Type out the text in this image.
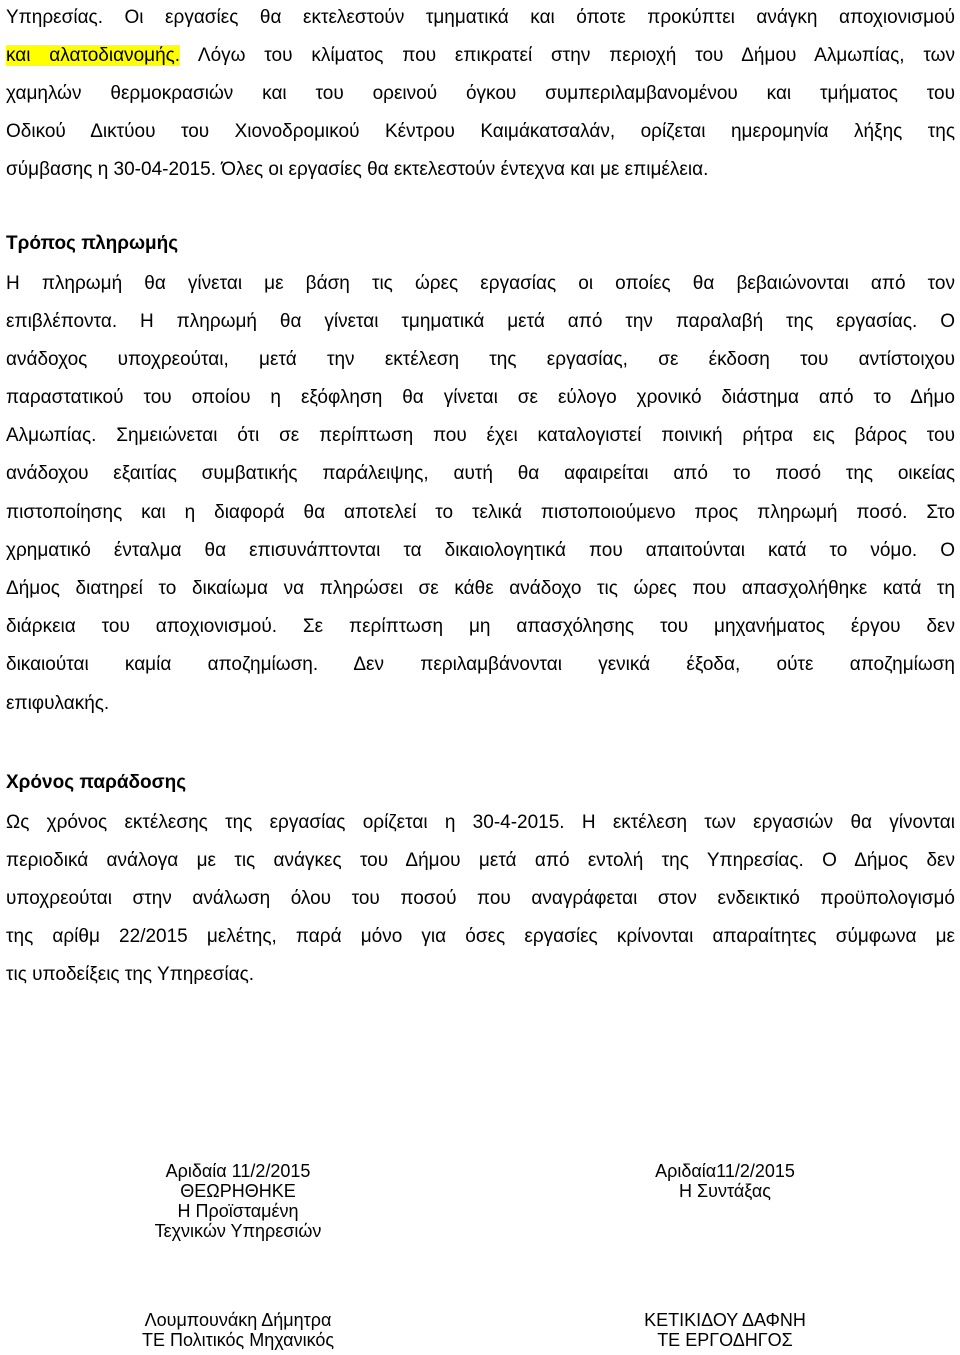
Υπηρεσίας. Οι εργασίες θα εκτελεστούν τμηματικά και όποτε προκύπτει ανάγκη αποχιονισμού
και αλατοδιανομής. Λόγω του κλίματος που επικρατεί στην περιοχή του Δήμου Αλμωπίας, των
χαμηλών θερμοκρασιών και του ορεινού όγκου συμπεριλαμβανομένου και τμήματος του
Οδικού Δικτύου του Χιονοδρομικού Κέντρου Καιμάκατσαλάν, ορίζεται ημερομηνία λήξης της
σύμβασης η 30-04-2015. Όλες οι εργασίες θα εκτελεστούν έντεχνα και με επιμέλεια.
Τρόπος πληρωμής
Η πληρωμή θα γίνεται με βάση τις ώρες εργασίας οι οποίες θα βεβαιώνονται από τον
επιβλέποντα. Η πληρωμή θα γίνεται τμηματικά μετά από την παραλαβή της εργασίας. Ο
ανάδοχος υποχρεούται, μετά την εκτέλεση της εργασίας, σε έκδοση του αντίστοιχου
παραστατικού του οποίου η εξόφληση θα γίνεται σε εύλογο χρονικό διάστημα από το Δήμο
Αλμωπίας. Σημειώνεται ότι σε περίπτωση που έχει καταλογιστεί ποινική ρήτρα εις βάρος του
ανάδοχου εξαιτίας συμβατικής παράλειψης, αυτή θα αφαιρείται από το ποσό της οικείας
πιστοποίησης και η διαφορά θα αποτελεί το τελικά πιστοποιούμενο προς πληρωμή ποσό. Στο
χρηματικό ένταλμα θα επισυνάπτονται τα δικαιολογητικά που απαιτούνται κατά το νόμο. Ο
Δήμος διατηρεί το δικαίωμα να πληρώσει σε κάθε ανάδοχο τις ώρες που απασχολήθηκε κατά τη
διάρκεια του αποχιονισμού. Σε περίπτωση μη απασχόλησης του μηχανήματος έργου δεν
δικαιούται καμία αποζημίωση. Δεν περιλαμβάνονται γενικά έξοδα, ούτε αποζημίωση
επιφυλακής.
Χρόνος παράδοσης
Ως χρόνος εκτέλεσης της εργασίας ορίζεται η 30-4-2015. Η εκτέλεση των εργασιών θα γίνονται
περιοδικά ανάλογα με τις ανάγκες του Δήμου μετά από εντολή της Υπηρεσίας. Ο Δήμος δεν
υποχρεούται στην ανάλωση όλου του ποσού που αναγράφεται στον ενδεικτικό προϋπολογισμό
της αρίθμ 22/2015 μελέτης, παρά μόνο για όσες εργασίες κρίνονται απαραίτητες σύμφωνα με
τις υποδείξεις της Υπηρεσίας.
Αριδαία 11/2/2015
ΘΕΩΡΗΘΗΚΕ
Η Προϊσταμένη
Τεχνικών Υπηρεσιών
Λουμπουνάκη Δήμητρα
ΤΕ Πολιτικός Μηχανικός
Αριδαία11/2/2015
Η Συντάξας
ΚΕΤΙΚΙΔΟΥ ΔΑΦΝΗ
ΤΕ ΕΡΓΟΔΗΓΟΣ
